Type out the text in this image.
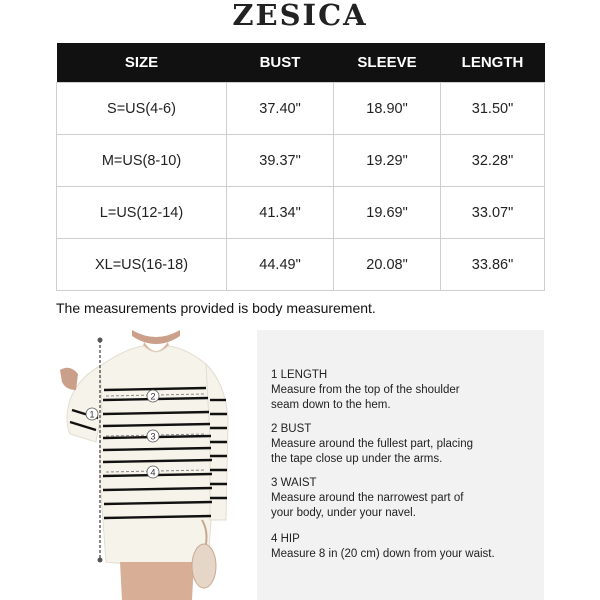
ZESICA
SIZE	BUST	SLEEVE	LENGTH
S=US(4-6)	37.40"	18.90"	31.50"
M=US(8-10)	39.37"	19.29"	32.28"
L=US(12-14)	41.34"	19.69"	33.07"
XL=US(16-18)	44.49"	20.08"	33.86"
The measurements provided is body measurement.
1
2
3
4
1 LENGTH
Measure from the top of the shoulder
seam down to the hem.
2 BUST
Measure around the fullest part, placing
the tape close up under the arms.
3 WAIST
Measure around the narrowest part of
your body, under your navel.
4 HIP
Measure 8 in (20 cm) down from your waist.
